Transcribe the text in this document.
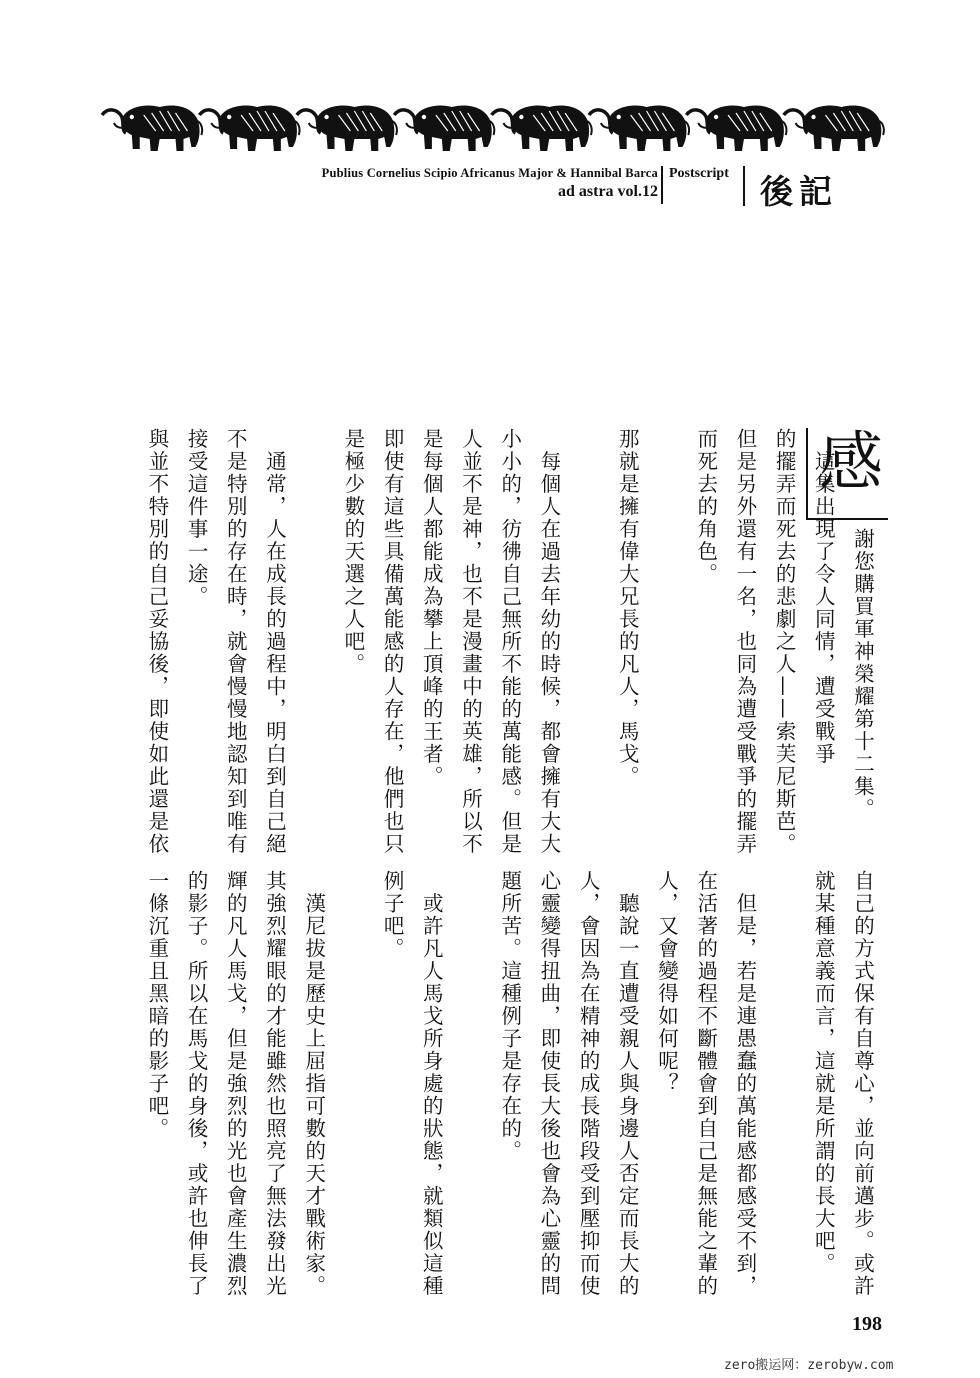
Publius Cornelius Scipio Africanus Major & Hannibal Barca
ad astra vol.12
Postscript 後記
感
謝您購買軍神榮耀第十二集。
　這集出現了令人同情，遭受戰爭
的擺弄而死去的悲劇之人——索芙尼斯芭。
但是另外還有一名，也同為遭受戰爭的擺弄
而死去的角色。
那就是擁有偉大兄長的凡人，馬戈。
　每個人在過去年幼的時候，都會擁有大大
小小的，彷彿自己無所不能的萬能感。但是
人並不是神，也不是漫畫中的英雄，所以不
是每個人都能成為攀上頂峰的王者。
即使有這些具備萬能感的人存在，他們也只
是極少數的天選之人吧。
　通常，人在成長的過程中，明白到自己絕
不是特別的存在時，就會慢慢地認知到唯有
接受這件事一途。
與並不特別的自己妥協後，即使如此還是依
自己的方式保有自尊心，並向前邁步。或許
就某種意義而言，這就是所謂的長大吧。
　但是，若是連愚蠢的萬能感都感受不到，
在活著的過程不斷體會到自己是無能之輩的
人，又會變得如何呢？
　聽說一直遭受親人與身邊人否定而長大的
人，會因為在精神的成長階段受到壓抑而使
心靈變得扭曲，即使長大後也會為心靈的問
題所苦。這種例子是存在的。
　或許凡人馬戈所身處的狀態，就類似這種
例子吧。
　漢尼拔是歷史上屈指可數的天才戰術家。
其強烈耀眼的才能雖然也照亮了無法發出光
輝的凡人馬戈，但是強烈的光也會產生濃烈
的影子。所以在馬戈的身後，或許也伸長了
一條沉重且黑暗的影子吧。
198
zero搬运网：zerobyw.com
